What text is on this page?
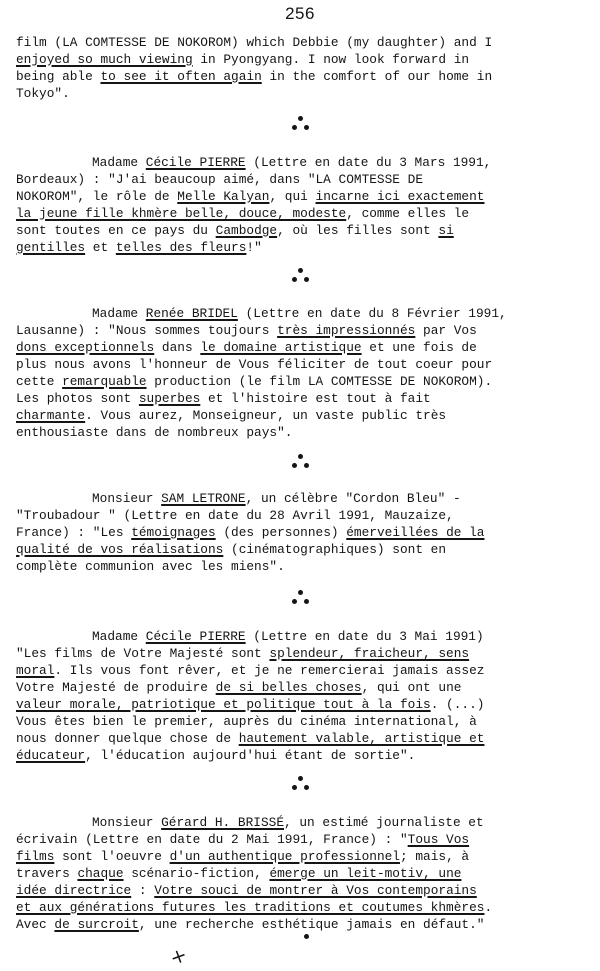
256
film (LA COMTESSE DE NOKOROM) which Debbie (my daughter) and I
enjoyed so much viewing in Pyongyang. I now look forward in
being able to see it often again in the comfort of our home in
Tokyo".
Madame Cécile PIERRE (Lettre en date du 3 Mars 1991,
Bordeaux) : "J'ai beaucoup aimé, dans "LA COMTESSE DE
NOKOROM", le rôle de Melle Kalyan, qui incarne ici exactement
la jeune fille khmère belle, douce, modeste, comme elles le
sont toutes en ce pays du Cambodge, où les filles sont si
gentilles et telles des fleurs!"
Madame Renée BRIDEL (Lettre en date du 8 Février 1991,
Lausanne) : "Nous sommes toujours très impressionnés par Vos
dons exceptionnels dans le domaine artistique et une fois de
plus nous avons l'honneur de Vous féliciter de tout coeur pour
cette remarquable production (le film LA COMTESSE DE NOKOROM).
Les photos sont superbes et l'histoire est tout à fait
charmante. Vous aurez, Monseigneur, un vaste public très
enthousiaste dans de nombreux pays".
Monsieur SAM LETRONE, un célèbre "Cordon Bleu" -
"Troubadour " (Lettre en date du 28 Avril 1991, Mauzaize,
France) : "Les témoignages (des personnes) émerveillées de la
qualité de vos réalisations (cinématographiques) sont en
complète communion avec les miens".
Madame Cécile PIERRE (Lettre en date du 3 Mai 1991)
"Les films de Votre Majesté sont splendeur, fraicheur, sens
moral. Ils vous font rêver, et je ne remercierai jamais assez
Votre Majesté de produire de si belles choses, qui ont une
valeur morale, patriotique et politique tout à la fois. (...)
Vous êtes bien le premier, auprès du cinéma international, à
nous donner quelque chose de hautement valable, artistique et
éducateur, l'éducation aujourd'hui étant de sortie".
Monsieur Gérard H. BRISSÉ, un estimé journaliste et
écrivain (Lettre en date du 2 Mai 1991, France) : "Tous Vos
films sont l'oeuvre d'un authentique professionnel; mais, à
travers chaque scénario-fiction, émerge un leit-motiv, une
idée directrice : Votre souci de montrer à Vos contemporains
et aux générations futures les traditions et coutumes khmères.
Avec de surcroit, une recherche esthétique jamais en défaut."
+
